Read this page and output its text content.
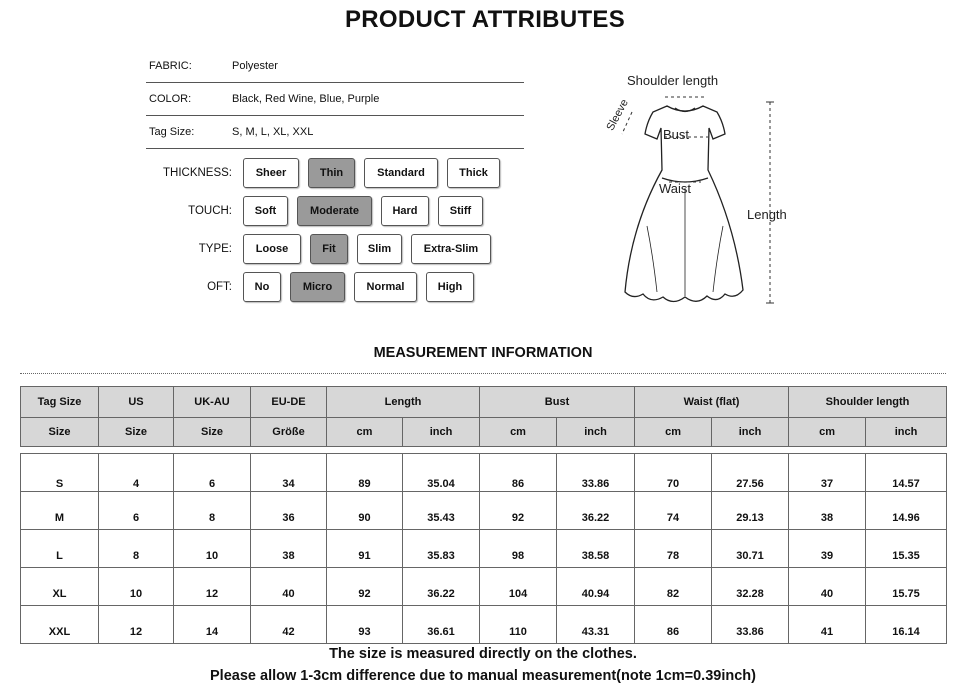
PRODUCT ATTRIBUTES
FABRIC:	Polyester
COLOR:	Black, Red Wine, Blue, Purple
Tag Size:	S, M, L, XL, XXL
THICKNESS:	Sheer	Thin	Standard	Thick
TOUCH:	Soft	Moderate	Hard	Stiff
TYPE:	Loose	Fit	Slim	Extra-Slim
OFT:	No	Micro	Normal	High
Shoulder length
Sleeve
Bust
Waist
Length
MEASUREMENT INFORMATION
Tag Size	US	UK-AU	EU-DE	Length		Bust		Waist (flat)		Shoulder length	
Size	Size	Size	Größe	cm	inch	cm	inch	cm	inch	cm	inch

S	4	6	34	89	35.04	86	33.86	70	27.56	37	14.57
M	6	8	36	90	35.43	92	36.22	74	29.13	38	14.96
L	8	10	38	91	35.83	98	38.58	78	30.71	39	15.35
XL	10	12	40	92	36.22	104	40.94	82	32.28	40	15.75
XXL	12	14	42	93	36.61	110	43.31	86	33.86	41	16.14
The size is measured directly on the clothes.
Please allow 1-3cm difference due to manual measurement(note 1cm=0.39inch)
